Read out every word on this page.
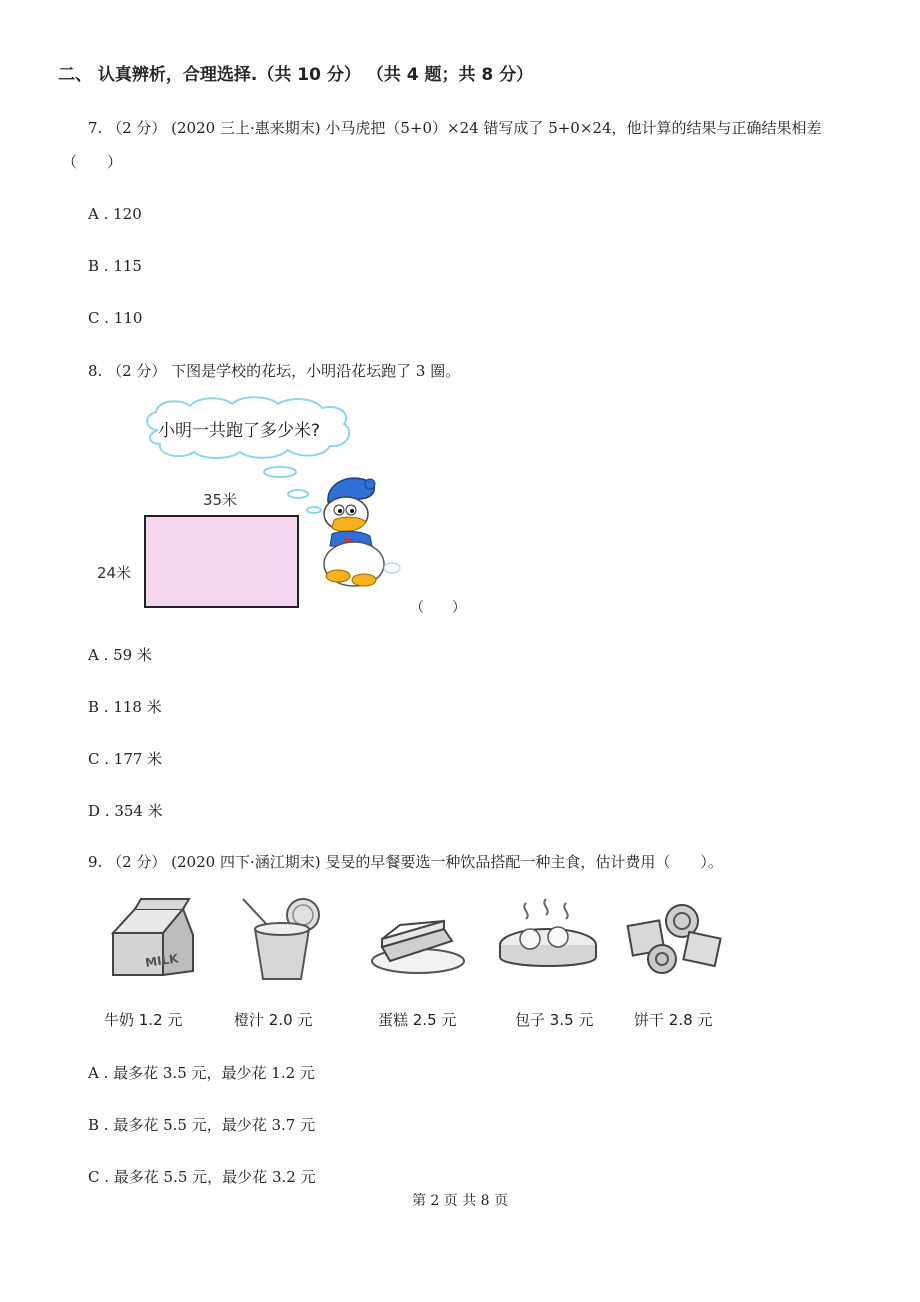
二、 认真辨析，合理选择.（共 10 分） （共 4 题；共 8 分）
7. （2 分） (2020 三上·惠来期末) 小马虎把（5+0）×24 错写成了 5+0×24，他计算的结果与正确结果相差
（　　）
A . 120
B . 115
C . 110
8. （2 分） 下图是学校的花坛，小明沿花坛跑了 3 圈。
小明一共跑了多少米?
35米
24米
（　　）
A . 59 米
B . 118 米
C . 177 米
D . 354 米
9. （2 分） (2020 四下·涵江期末) 旻旻的早餐要选一种饮品搭配一种主食，估计费用（　　）。
MILK
牛奶 1.2 元	橙汁 2.0 元	蛋糕 2.5 元	包子 3.5 元	饼干 2.8 元
A . 最多花 3.5 元，最少花 1.2 元
B . 最多花 5.5 元，最少花 3.7 元
C . 最多花 5.5 元，最少花 3.2 元
第 2 页 共 8 页
